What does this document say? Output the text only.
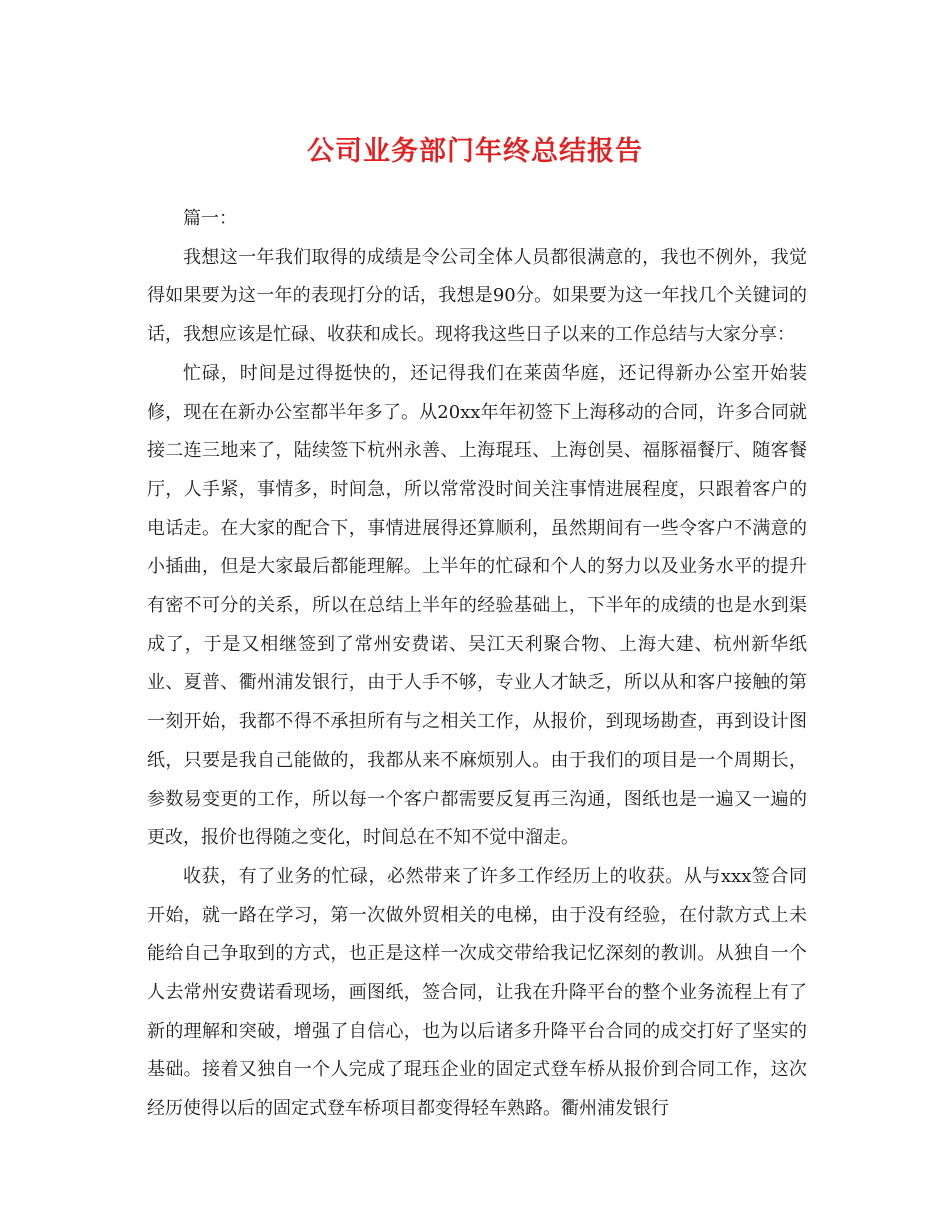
公司业务部门年终总结报告

篇一：

我想这一年我们取得的成绩是令公司全体人员都很满意的，我也不例外，我觉得如果要为这一年的表现打分的话，我想是90分。如果要为这一年找几个关键词的话，我想应该是忙碌、收获和成长。现将我这些日子以来的工作总结与大家分享：

忙碌，时间是过得挺快的，还记得我们在莱茵华庭，还记得新办公室开始装修，现在在新办公室都半年多了。从20xx年年初签下上海移动的合同，许多合同就接二连三地来了，陆续签下杭州永善、上海琨珏、上海创昊、福豚福餐厅、随客餐厅，人手紧，事情多，时间急，所以常常没时间关注事情进展程度，只跟着客户的电话走。在大家的配合下，事情进展得还算顺利，虽然期间有一些令客户不满意的小插曲，但是大家最后都能理解。上半年的忙碌和个人的努力以及业务水平的提升有密不可分的关系，所以在总结上半年的经验基础上，下半年的成绩的也是水到渠成了，于是又相继签到了常州安费诺、吴江天利聚合物、上海大建、杭州新华纸业、夏普、衢州浦发银行，由于人手不够，专业人才缺乏，所以从和客户接触的第一刻开始，我都不得不承担所有与之相关工作，从报价，到现场勘查，再到设计图纸，只要是我自己能做的，我都从来不麻烦别人。由于我们的项目是一个周期长，参数易变更的工作，所以每一个客户都需要反复再三沟通，图纸也是一遍又一遍的更改，报价也得随之变化，时间总在不知不觉中溜走。

收获，有了业务的忙碌，必然带来了许多工作经历上的收获。从与xxx签合同开始，就一路在学习，第一次做外贸相关的电梯，由于没有经验，在付款方式上未能给自己争取到的方式，也正是这样一次成交带给我记忆深刻的教训。从独自一个人去常州安费诺看现场，画图纸，签合同，让我在升降平台的整个业务流程上有了新的理解和突破，增强了自信心，也为以后诸多升降平台合同的成交打好了坚实的基础。接着又独自一个人完成了琨珏企业的固定式登车桥从报价到合同工作，这次经历使得以后的固定式登车桥项目都变得轻车熟路。衢州浦发银行
